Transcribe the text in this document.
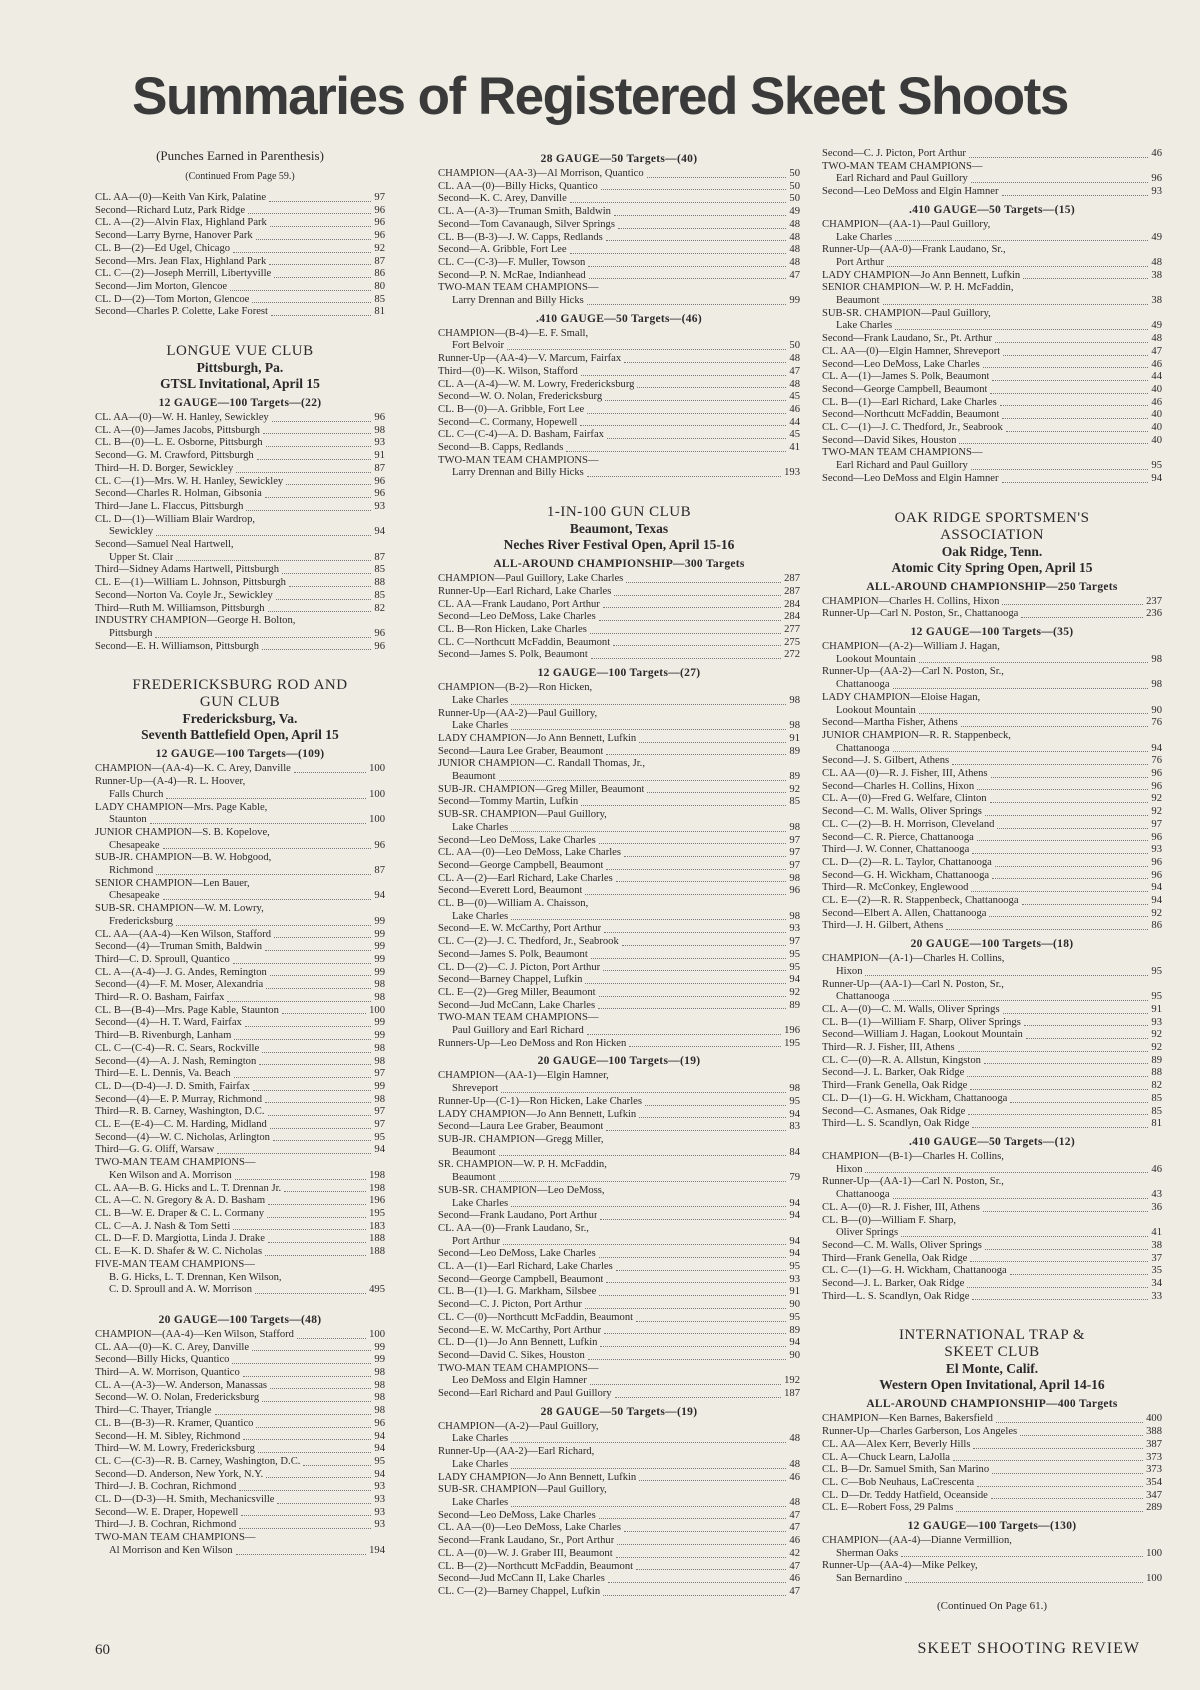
Summaries of Registered Skeet Shoots
(Punches Earned in Parenthesis)
(Continued From Page 59.)
CL. AA—(0)—Keith Van Kirk, Palatine	97
Second—Richard Lutz, Park Ridge	96
CL. A—(2)—Alvin Flax, Highland Park	96
Second—Larry Byrne, Hanover Park	96
CL. B—(2)—Ed Ugel, Chicago	92
Second—Mrs. Jean Flax, Highland Park	87
CL. C—(2)—Joseph Merrill, Libertyville	86
Second—Jim Morton, Glencoe	80
CL. D—(2)—Tom Morton, Glencoe	85
Second—Charles P. Colette, Lake Forest	81
LONGUE VUE CLUB
Pittsburgh, Pa.
GTSL Invitational, April 15
12 GAUGE—100 Targets—(22)
CL. AA—(0)—W. H. Hanley, Sewickley	96
CL. A—(0)—James Jacobs, Pittsburgh	98
CL. B—(0)—L. E. Osborne, Pittsburgh	93
Second—G. M. Crawford, Pittsburgh	91
Third—H. D. Borger, Sewickley	87
CL. C—(1)—Mrs. W. H. Hanley, Sewickley	96
Second—Charles R. Holman, Gibsonia	96
Third—Jane L. Flaccus, Pittsburgh	93
CL. D—(1)—William Blair Wardrop,
Sewickley	94
Second—Samuel Neal Hartwell,
Upper St. Clair	87
Third—Sidney Adams Hartwell, Pittsburgh	85
CL. E—(1)—William L. Johnson, Pittsburgh	88
Second—Norton Va. Coyle Jr., Sewickley	85
Third—Ruth M. Williamson, Pittsburgh	82
INDUSTRY CHAMPION—George H. Bolton,
Pittsburgh	96
Second—E. H. Williamson, Pittsburgh	96
FREDERICKSBURG ROD AND
GUN CLUB
Fredericksburg, Va.
Seventh Battlefield Open, April 15
12 GAUGE—100 Targets—(109)
CHAMPION—(AA-4)—K. C. Arey, Danville	100
Runner-Up—(A-4)—R. L. Hoover,
Falls Church	100
LADY CHAMPION—Mrs. Page Kable,
Staunton	100
JUNIOR CHAMPION—S. B. Kopelove,
Chesapeake	96
SUB-JR. CHAMPION—B. W. Hobgood,
Richmond	87
SENIOR CHAMPION—Len Bauer,
Chesapeake	94
SUB-SR. CHAMPION—W. M. Lowry,
Fredericksburg	99
CL. AA—(AA-4)—Ken Wilson, Stafford	99
Second—(4)—Truman Smith, Baldwin	99
Third—C. D. Sproull, Quantico	99
CL. A—(A-4)—J. G. Andes, Remington	99
Second—(4)—F. M. Moser, Alexandria	98
Third—R. O. Basham, Fairfax	98
CL. B—(B-4)—Mrs. Page Kable, Staunton	100
Second—(4)—H. T. Ward, Fairfax	99
Third—B. Rivenburgh, Lanham	99
CL. C—(C-4)—R. C. Sears, Rockville	98
Second—(4)—A. J. Nash, Remington	98
Third—E. L. Dennis, Va. Beach	97
CL. D—(D-4)—J. D. Smith, Fairfax	99
Second—(4)—E. P. Murray, Richmond	98
Third—R. B. Carney, Washington, D.C.	97
CL. E—(E-4)—C. M. Harding, Midland	97
Second—(4)—W. C. Nicholas, Arlington	95
Third—G. G. Oliff, Warsaw	94
TWO-MAN TEAM CHAMPIONS—
Ken Wilson and A. Morrison	198
CL. AA—B. G. Hicks and L. T. Drennan Jr.	198
CL. A—C. N. Gregory & A. D. Basham	196
CL. B—W. E. Draper & C. L. Cormany	195
CL. C—A. J. Nash & Tom Setti	183
CL. D—F. D. Margiotta, Linda J. Drake	188
CL. E—K. D. Shafer & W. C. Nicholas	188
FIVE-MAN TEAM CHAMPIONS—
B. G. Hicks, L. T. Drennan, Ken Wilson,
C. D. Sproull and A. W. Morrison	495
20 GAUGE—100 Targets—(48)
CHAMPION—(AA-4)—Ken Wilson, Stafford	100
CL. AA—(0)—K. C. Arey, Danville	99
Second—Billy Hicks, Quantico	99
Third—A. W. Morrison, Quantico	98
CL. A—(A-3)—W. Anderson, Manassas	98
Second—W. O. Nolan, Fredericksburg	98
Third—C. Thayer, Triangle	98
CL. B—(B-3)—R. Kramer, Quantico	96
Second—H. M. Sibley, Richmond	94
Third—W. M. Lowry, Fredericksburg	94
CL. C—(C-3)—R. B. Carney, Washington, D.C.	95
Second—D. Anderson, New York, N.Y.	94
Third—J. B. Cochran, Richmond	93
CL. D—(D-3)—H. Smith, Mechanicsville	93
Second—W. E. Draper, Hopewell	93
Third—J. B. Cochran, Richmond	93
TWO-MAN TEAM CHAMPIONS—
Al Morrison and Ken Wilson	194
28 GAUGE—50 Targets—(40)
CHAMPION—(AA-3)—Al Morrison, Quantico	50
CL. AA—(0)—Billy Hicks, Quantico	50
Second—K. C. Arey, Danville	50
CL. A—(A-3)—Truman Smith, Baldwin	49
Second—Tom Cavanaugh, Silver Springs	48
CL. B—(B-3)—J. W. Capps, Redlands	48
Second—A. Gribble, Fort Lee	48
CL. C—(C-3)—F. Muller, Towson	48
Second—P. N. McRae, Indianhead	47
TWO-MAN TEAM CHAMPIONS—
Larry Drennan and Billy Hicks	99
.410 GAUGE—50 Targets—(46)
CHAMPION—(B-4)—E. F. Small,
Fort Belvoir	50
Runner-Up—(AA-4)—V. Marcum, Fairfax	48
Third—(0)—K. Wilson, Stafford	47
CL. A—(A-4)—W. M. Lowry, Fredericksburg	48
Second—W. O. Nolan, Fredericksburg	45
CL. B—(0)—A. Gribble, Fort Lee	46
Second—C. Cormany, Hopewell	44
CL. C—(C-4)—A. D. Basham, Fairfax	45
Second—B. Capps, Redlands	41
TWO-MAN TEAM CHAMPIONS—
Larry Drennan and Billy Hicks	193
1-IN-100 GUN CLUB
Beaumont, Texas
Neches River Festival Open, April 15-16
ALL-AROUND CHAMPIONSHIP—300 Targets
CHAMPION—Paul Guillory, Lake Charles	287
Runner-Up—Earl Richard, Lake Charles	287
CL. AA—Frank Laudano, Port Arthur	284
Second—Leo DeMoss, Lake Charles	284
CL. B—Ron Hicken, Lake Charles	277
CL. C—Northcutt McFaddin, Beaumont	275
Second—James S. Polk, Beaumont	272
12 GAUGE—100 Targets—(27)
CHAMPION—(B-2)—Ron Hicken,
Lake Charles	98
Runner-Up—(AA-2)—Paul Guillory,
Lake Charles	98
LADY CHAMPION—Jo Ann Bennett, Lufkin	91
Second—Laura Lee Graber, Beaumont	89
JUNIOR CHAMPION—C. Randall Thomas, Jr.,
Beaumont	89
SUB-JR. CHAMPION—Greg Miller, Beaumont	92
Second—Tommy Martin, Lufkin	85
SUB-SR. CHAMPION—Paul Guillory,
Lake Charles	98
Second—Leo DeMoss, Lake Charles	97
CL. AA—(0)—Leo DeMoss, Lake Charles	97
Second—George Campbell, Beaumont	97
CL. A—(2)—Earl Richard, Lake Charles	98
Second—Everett Lord, Beaumont	96
CL. B—(0)—William A. Chaisson,
Lake Charles	98
Second—E. W. McCarthy, Port Arthur	93
CL. C—(2)—J. C. Thedford, Jr., Seabrook	97
Second—James S. Polk, Beaumont	95
CL. D—(2)—C. J. Picton, Port Arthur	95
Second—Barney Chappel, Lufkin	94
CL. E—(2)—Greg Miller, Beaumont	92
Second—Jud McCann, Lake Charles	89
TWO-MAN TEAM CHAMPIONS—
Paul Guillory and Earl Richard	196
Runners-Up—Leo DeMoss and Ron Hicken	195
20 GAUGE—100 Targets—(19)
CHAMPION—(AA-1)—Elgin Hamner,
Shreveport	98
Runner-Up—(C-1)—Ron Hicken, Lake Charles	95
LADY CHAMPION—Jo Ann Bennett, Lufkin	94
Second—Laura Lee Graber, Beaumont	83
SUB-JR. CHAMPION—Gregg Miller,
Beaumont	84
SR. CHAMPION—W. P. H. McFaddin,
Beaumont	79
SUB-SR. CHAMPION—Leo DeMoss,
Lake Charles	94
Second—Frank Laudano, Port Arthur	94
CL. AA—(0)—Frank Laudano, Sr.,
Port Arthur	94
Second—Leo DeMoss, Lake Charles	94
CL. A—(1)—Earl Richard, Lake Charles	95
Second—George Campbell, Beaumont	93
CL. B—(1)—I. G. Markham, Silsbee	91
Second—C. J. Picton, Port Arthur	90
CL. C—(0)—Northcutt McFaddin, Beaumont	95
Second—E. W. McCarthy, Port Arthur	89
CL. D—(1)—Jo Ann Bennett, Lufkin	94
Second—David C. Sikes, Houston	90
TWO-MAN TEAM CHAMPIONS—
Leo DeMoss and Elgin Hamner	192
Second—Earl Richard and Paul Guillory	187
28 GAUGE—50 Targets—(19)
CHAMPION—(A-2)—Paul Guillory,
Lake Charles	48
Runner-Up—(AA-2)—Earl Richard,
Lake Charles	48
LADY CHAMPION—Jo Ann Bennett, Lufkin	46
SUB-SR. CHAMPION—Paul Guillory,
Lake Charles	48
Second—Leo DeMoss, Lake Charles	47
CL. AA—(0)—Leo DeMoss, Lake Charles	47
Second—Frank Laudano, Sr., Port Arthur	46
CL. A—(0)—W. J. Graber III, Beaumont	42
CL. B—(2)—Northcutt McFaddin, Beaumont	47
Second—Jud McCann II, Lake Charles	46
CL. C—(2)—Barney Chappel, Lufkin	47
Second—C. J. Picton, Port Arthur	46
TWO-MAN TEAM CHAMPIONS—
Earl Richard and Paul Guillory	96
Second—Leo DeMoss and Elgin Hamner	93
.410 GAUGE—50 Targets—(15)
CHAMPION—(AA-1)—Paul Guillory,
Lake Charles	49
Runner-Up—(AA-0)—Frank Laudano, Sr.,
Port Arthur	48
LADY CHAMPION—Jo Ann Bennett, Lufkin	38
SENIOR CHAMPION—W. P. H. McFaddin,
Beaumont	38
SUB-SR. CHAMPION—Paul Guillory,
Lake Charles	49
Second—Frank Laudano, Sr., Pt. Arthur	48
CL. AA—(0)—Elgin Hamner, Shreveport	47
Second—Leo DeMoss, Lake Charles	46
CL. A—(1)—James S. Polk, Beaumont	44
Second—George Campbell, Beaumont	40
CL. B—(1)—Earl Richard, Lake Charles	46
Second—Northcutt McFaddin, Beaumont	40
CL. C—(1)—J. C. Thedford, Jr., Seabrook	40
Second—David Sikes, Houston	40
TWO-MAN TEAM CHAMPIONS—
Earl Richard and Paul Guillory	95
Second—Leo DeMoss and Elgin Hamner	94
OAK RIDGE SPORTSMEN'S
ASSOCIATION
Oak Ridge, Tenn.
Atomic City Spring Open, April 15
ALL-AROUND CHAMPIONSHIP—250 Targets
CHAMPION—Charles H. Collins, Hixon	237
Runner-Up—Carl N. Poston, Sr., Chattanooga	236
12 GAUGE—100 Targets—(35)
CHAMPION—(A-2)—William J. Hagan,
Lookout Mountain	98
Runner-Up—(AA-2)—Carl N. Poston, Sr.,
Chattanooga	98
LADY CHAMPION—Eloise Hagan,
Lookout Mountain	90
Second—Martha Fisher, Athens	76
JUNIOR CHAMPION—R. R. Stappenbeck,
Chattanooga	94
Second—J. S. Gilbert, Athens	76
CL. AA—(0)—R. J. Fisher, III, Athens	96
Second—Charles H. Collins, Hixon	96
CL. A—(0)—Fred G. Welfare, Clinton	92
Second—C. M. Walls, Oliver Springs	92
CL. C—(2)—B. H. Morrison, Cleveland	97
Second—C. R. Pierce, Chattanooga	96
Third—J. W. Conner, Chattanooga	93
CL. D—(2)—R. L. Taylor, Chattanooga	96
Second—G. H. Wickham, Chattanooga	96
Third—R. McConkey, Englewood	94
CL. E—(2)—R. R. Stappenbeck, Chattanooga	94
Second—Elbert A. Allen, Chattanooga	92
Third—J. H. Gilbert, Athens	86
20 GAUGE—100 Targets—(18)
CHAMPION—(A-1)—Charles H. Collins,
Hixon	95
Runner-Up—(AA-1)—Carl N. Poston, Sr.,
Chattanooga	95
CL. A—(0)—C. M. Walls, Oliver Springs	91
CL. B—(1)—William F. Sharp, Oliver Springs	93
Second—William J. Hagan, Lookout Mountain	92
Third—R. J. Fisher, III, Athens	92
CL. C—(0)—R. A. Allstun, Kingston	89
Second—J. L. Barker, Oak Ridge	88
Third—Frank Genella, Oak Ridge	82
CL. D—(1)—G. H. Wickham, Chattanooga	85
Second—C. Asmanes, Oak Ridge	85
Third—L. S. Scandlyn, Oak Ridge	81
.410 GAUGE—50 Targets—(12)
CHAMPION—(B-1)—Charles H. Collins,
Hixon	46
Runner-Up—(AA-1)—Carl N. Poston, Sr.,
Chattanooga	43
CL. A—(0)—R. J. Fisher, III, Athens	36
CL. B—(0)—William F. Sharp,
Oliver Springs	41
Second—C. M. Walls, Oliver Springs	38
Third—Frank Genella, Oak Ridge	37
CL. C—(1)—G. H. Wickham, Chattanooga	35
Second—J. L. Barker, Oak Ridge	34
Third—L. S. Scandlyn, Oak Ridge	33
INTERNATIONAL TRAP &
SKEET CLUB
El Monte, Calif.
Western Open Invitational, April 14-16
ALL-AROUND CHAMPIONSHIP—400 Targets
CHAMPION—Ken Barnes, Bakersfield	400
Runner-Up—Charles Garberson, Los Angeles	388
CL. AA—Alex Kerr, Beverly Hills	387
CL. A—Chuck Learn, LaJolla	373
CL. B—Dr. Samuel Smith, San Marino	373
CL. C—Bob Neuhaus, LaCrescenta	354
CL. D—Dr. Teddy Hatfield, Oceanside	347
CL. E—Robert Foss, 29 Palms	289
12 GAUGE—100 Targets—(130)
CHAMPION—(AA-4)—Dianne Vermillion,
Sherman Oaks	100
Runner-Up—(AA-4)—Mike Pelkey,
San Bernardino	100
(Continued On Page 61.)
60	SKEET SHOOTING REVIEW
